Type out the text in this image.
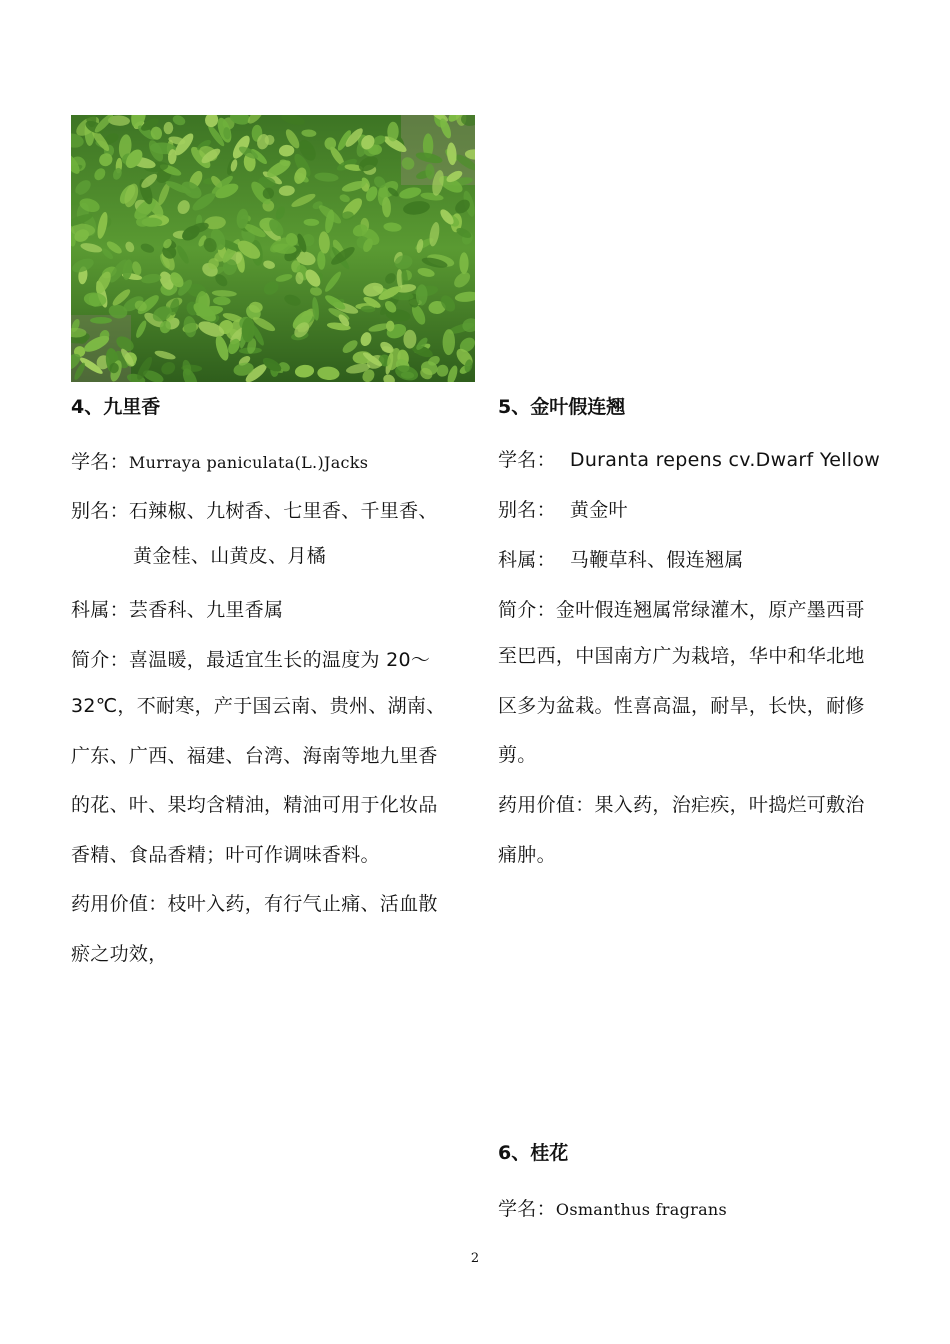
4、九里香
学名：Murraya paniculata(L.)Jacks
别名：石辣椒、九树香、七里香、千里香、
黄金桂、山黄皮、月橘
科属：芸香科、九里香属
简介：喜温暖，最适宜生长的温度为 20～
32℃，不耐寒，产于国云南、贵州、湖南、
广东、广西、福建、台湾、海南等地九里香
的花、叶、果均含精油，精油可用于化妆品
香精、食品香精；叶可作调味香料。
药用价值：枝叶入药，有行气止痛、活血散
瘀之功效，
5、金叶假连翘
学名： Duranta repens cv.Dwarf Yellow
别名： 黄金叶
科属： 马鞭草科、假连翘属
简介：金叶假连翘属常绿灌木，原产墨西哥
至巴西，中国南方广为栽培，华中和华北地
区多为盆栽。性喜高温，耐旱，长快，耐修
剪。
药用价值：果入药，治疟疾，叶捣烂可敷治
痛肿。
6、桂花
学名：Osmanthus fragrans
2
